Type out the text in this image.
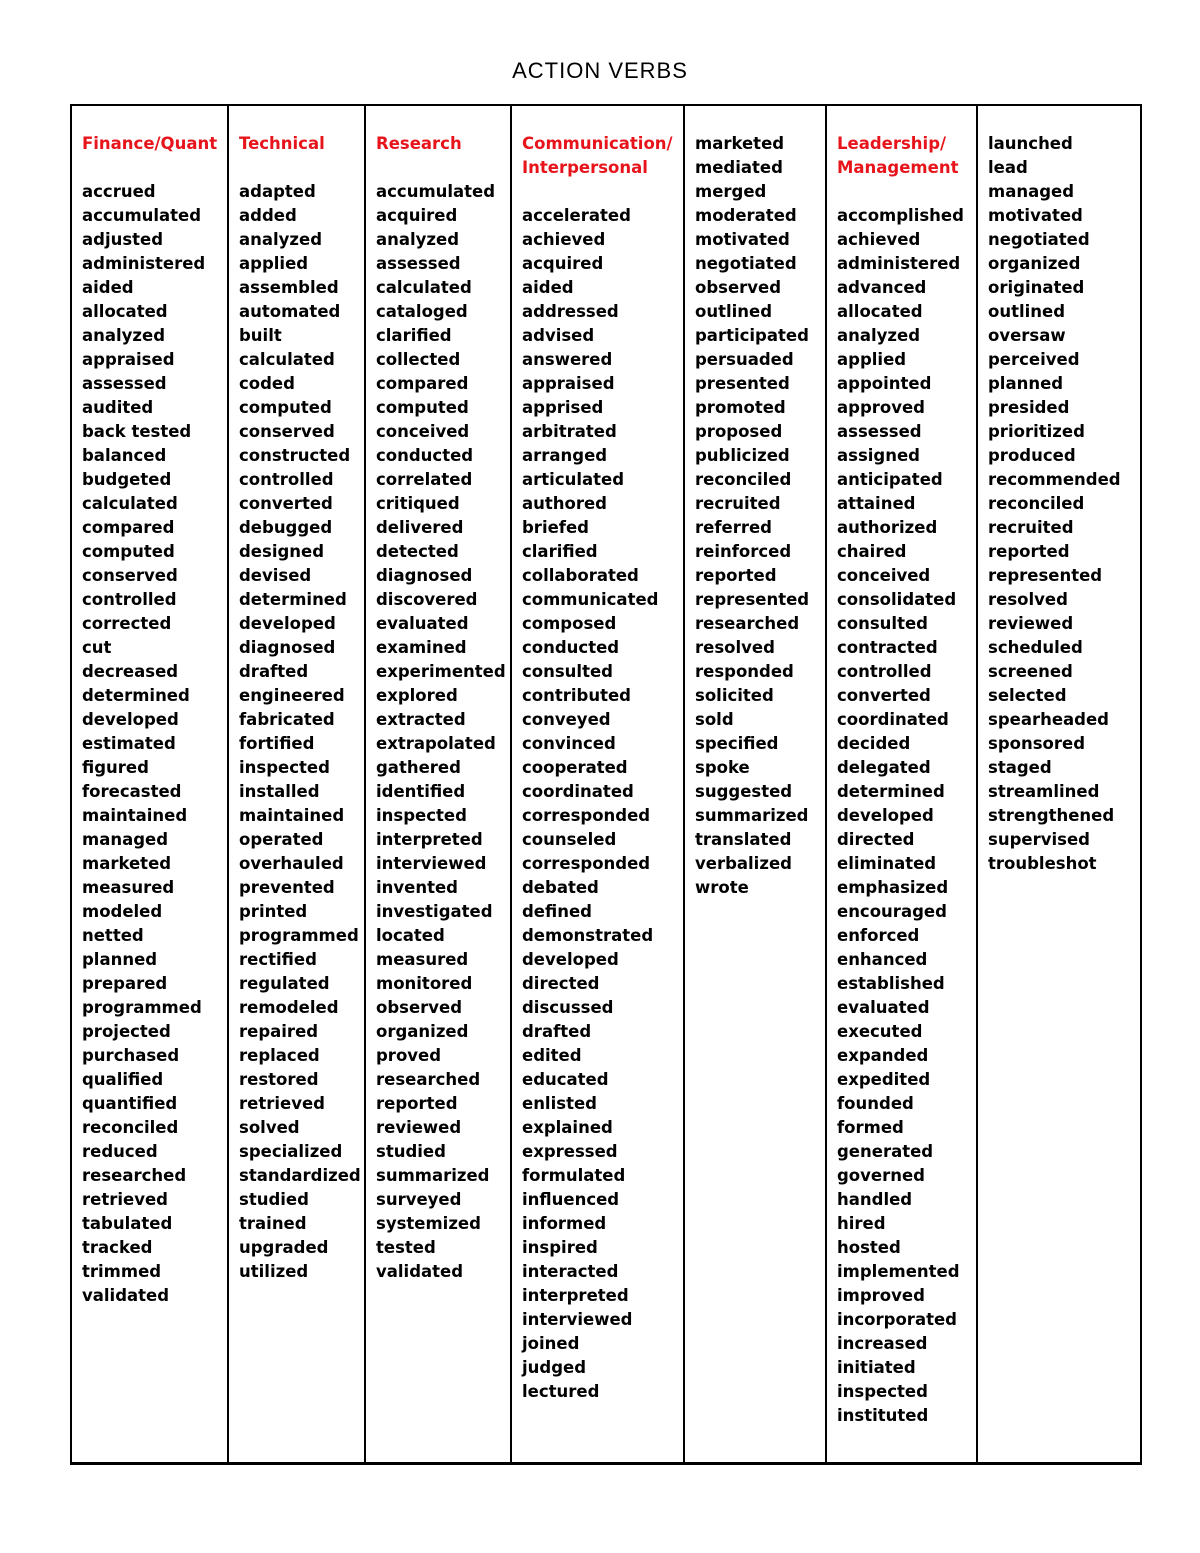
ACTION VERBS
Finance/Quant
accrued
accumulated
adjusted
administered
aided
allocated
analyzed
appraised
assessed
audited
back tested
balanced
budgeted
calculated
compared
computed
conserved
controlled
corrected
cut
decreased
determined
developed
estimated
figured
forecasted
maintained
managed
marketed
measured
modeled
netted
planned
prepared
programmed
projected
purchased
qualified
quantified
reconciled
reduced
researched
retrieved
tabulated
tracked
trimmed
validated
Technical
adapted
added
analyzed
applied
assembled
automated
built
calculated
coded
computed
conserved
constructed
controlled
converted
debugged
designed
devised
determined
developed
diagnosed
drafted
engineered
fabricated
fortified
inspected
installed
maintained
operated
overhauled
prevented
printed
programmed
rectified
regulated
remodeled
repaired
replaced
restored
retrieved
solved
specialized
standardized
studied
trained
upgraded
utilized
Research
accumulated
acquired
analyzed
assessed
calculated
cataloged
clarified
collected
compared
computed
conceived
conducted
correlated
critiqued
delivered
detected
diagnosed
discovered
evaluated
examined
experimented
explored
extracted
extrapolated
gathered
identified
inspected
interpreted
interviewed
invented
investigated
located
measured
monitored
observed
organized
proved
researched
reported
reviewed
studied
summarized
surveyed
systemized
tested
validated
Communication/
Interpersonal
accelerated
achieved
acquired
aided
addressed
advised
answered
appraised
apprised
arbitrated
arranged
articulated
authored
briefed
clarified
collaborated
communicated
composed
conducted
consulted
contributed
conveyed
convinced
cooperated
coordinated
corresponded
counseled
corresponded
debated
defined
demonstrated
developed
directed
discussed
drafted
edited
educated
enlisted
explained
expressed
formulated
influenced
informed
inspired
interacted
interpreted
interviewed
joined
judged
lectured
marketed
mediated
merged
moderated
motivated
negotiated
observed
outlined
participated
persuaded
presented
promoted
proposed
publicized
reconciled
recruited
referred
reinforced
reported
represented
researched
resolved
responded
solicited
sold
specified
spoke
suggested
summarized
translated
verbalized
wrote
Leadership/
Management
accomplished
achieved
administered
advanced
allocated
analyzed
applied
appointed
approved
assessed
assigned
anticipated
attained
authorized
chaired
conceived
consolidated
consulted
contracted
controlled
converted
coordinated
decided
delegated
determined
developed
directed
eliminated
emphasized
encouraged
enforced
enhanced
established
evaluated
executed
expanded
expedited
founded
formed
generated
governed
handled
hired
hosted
implemented
improved
incorporated
increased
initiated
inspected
instituted
launched
lead
managed
motivated
negotiated
organized
originated
outlined
oversaw
perceived
planned
presided
prioritized
produced
recommended
reconciled
recruited
reported
represented
resolved
reviewed
scheduled
screened
selected
spearheaded
sponsored
staged
streamlined
strengthened
supervised
troubleshot
